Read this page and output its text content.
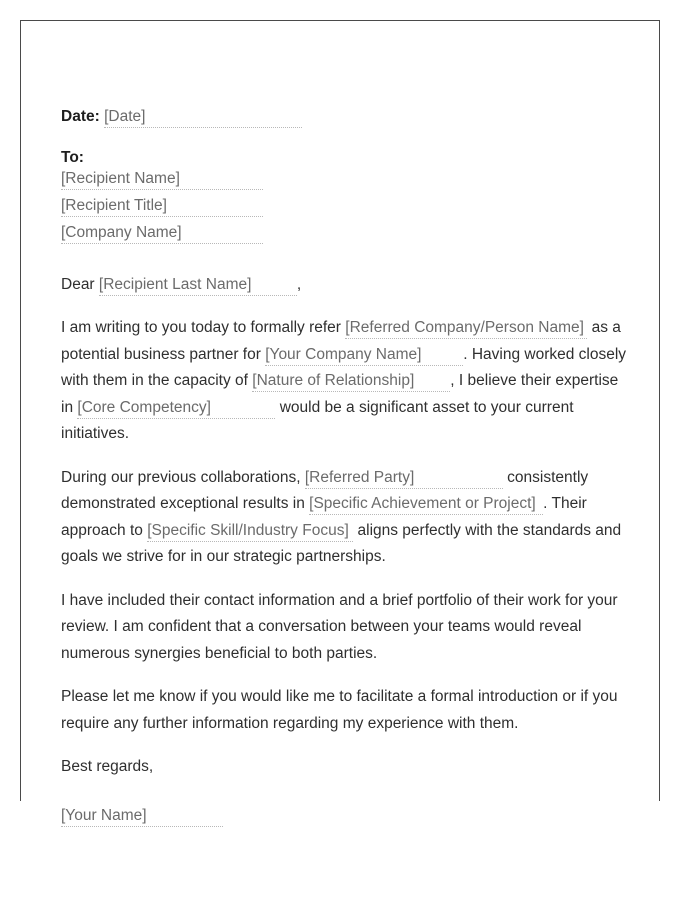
Date: [Date]
To:
[Recipient Name]
[Recipient Title]
[Company Name]
Dear [Recipient Last Name]	,

I am writing to you today to formally refer [Referred Company/Person Name] as a potential business partner for [Your Company Name]	. Having worked closely with them in the capacity of [Nature of Relationship] , I believe their expertise in [Core Competency]	would be a significant asset to your current initiatives.

During our previous collaborations, [Referred Party]	consistently demonstrated exceptional results in [Specific Achievement or Project] . Their approach to [Specific Skill/Industry Focus] aligns perfectly with the standards and goals we strive for in our strategic partnerships.

I have included their contact information and a brief portfolio of their work for your review. I am confident that a conversation between your teams would reveal numerous synergies beneficial to both parties.

Please let me know if you would like me to facilitate a formal introduction or if you require any further information regarding my experience with them.

Best regards,
[Your Name]
